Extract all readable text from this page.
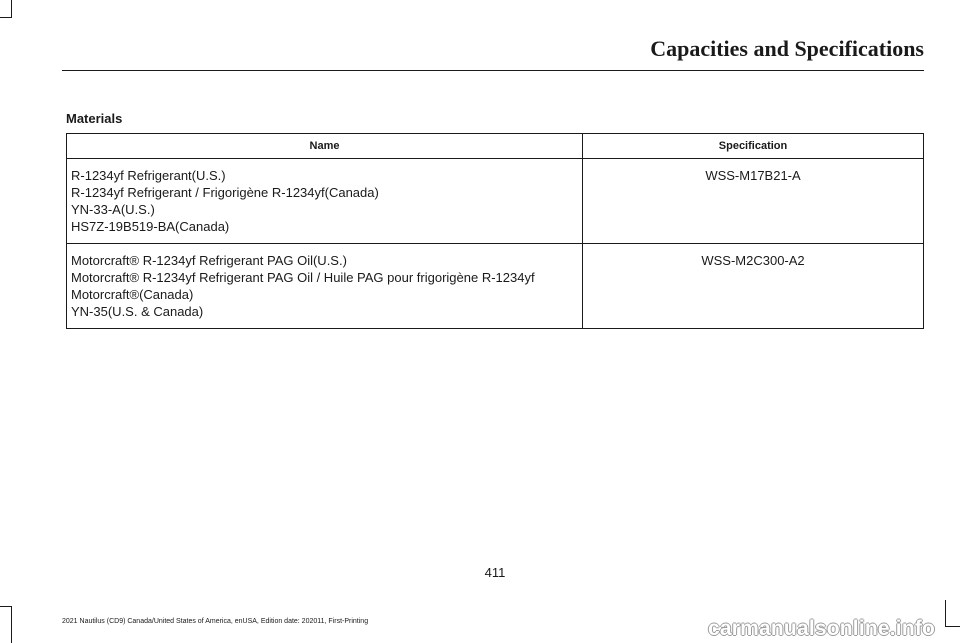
Capacities and Specifications
Materials
Name	Specification

R-1234yf Refrigerant(U.S.)
R-1234yf Refrigerant / Frigorigène R-1234yf(Canada)
YN-33-A(U.S.)
HS7Z-19B519-BA(Canada)	WSS-M17B21-A

Motorcraft® R-1234yf Refrigerant PAG Oil(U.S.)
Motorcraft® R-1234yf Refrigerant PAG Oil / Huile PAG pour frigorigène R-1234yf
Motorcraft®(Canada)
YN-35(U.S. & Canada)	WSS-M2C300-A2
411
2021 Nautilus (CD9) Canada/United States of America, enUSA, Edition date: 202011, First-Printing	carmanualsonline.info
